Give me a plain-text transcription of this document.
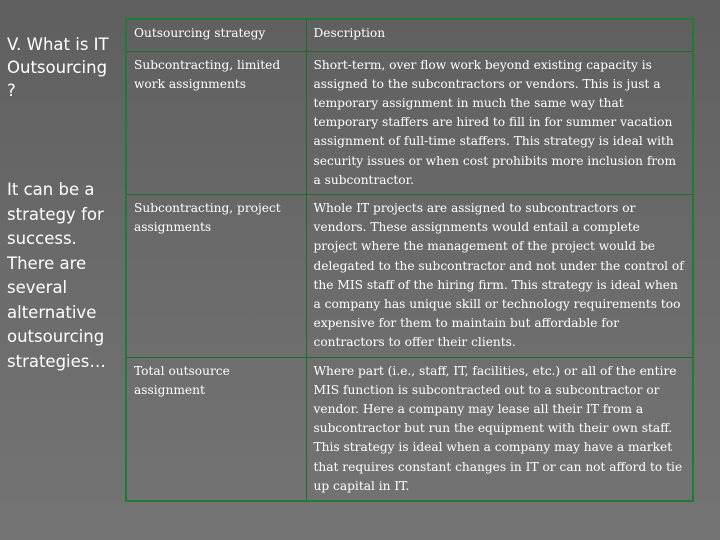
V. What is IT Outsourcing ?
It can be a strategy for success. There are several alternative outsourcing strategies…
Outsourcing strategy	Description
Subcontracting, limited work assignments	Short-term, over flow work beyond existing capacity is assigned to the subcontractors or vendors. This is just a temporary assignment in much the same way that temporary staffers are hired to fill in for summer vacation assignment of full-time staffers. This strategy is ideal with security issues or when cost prohibits more inclusion from a subcontractor.
Subcontracting, project assignments	Whole IT projects are assigned to subcontractors or vendors. These assignments would entail a complete project where the management of the project would be delegated to the subcontractor and not under the control of the MIS staff of the hiring firm. This strategy is ideal when a company has unique skill or technology requirements too expensive for them to maintain but affordable for contractors to offer their clients.
Total outsource assignment	Where part (i.e., staff, IT, facilities, etc.) or all of the entire MIS function is subcontracted out to a subcontractor or vendor. Here a company may lease all their IT from a subcontractor but run the equipment with their own staff. This strategy is ideal when a company may have a market that requires constant changes in IT or can not afford to tie up capital in IT.
